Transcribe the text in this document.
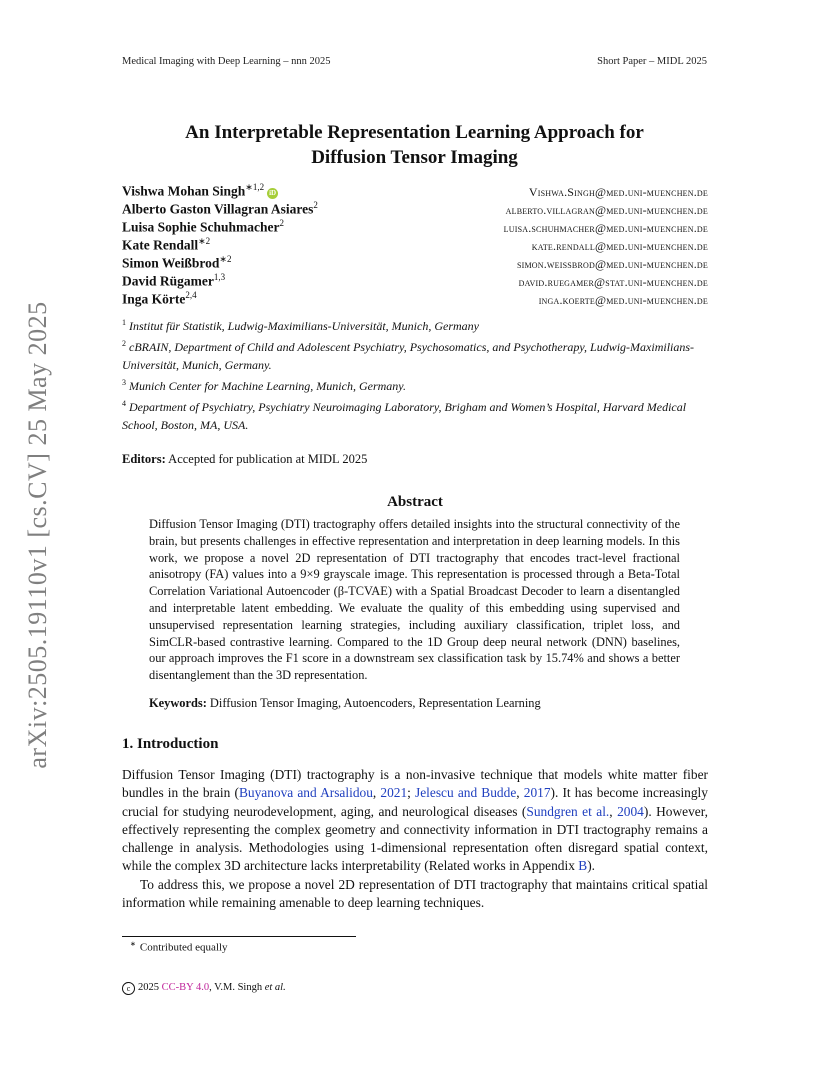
Medical Imaging with Deep Learning – nnn 2025	Short Paper – MIDL 2025
arXiv:2505.19110v1 [cs.CV] 25 May 2025
An Interpretable Representation Learning Approach for
Diffusion Tensor Imaging
Vishwa Mohan Singh$^{∗1,2}$iD	Vishwa.Singh@med.uni-muenchen.de
Alberto Gaston Villagran Asiares$^2$	alberto.villagran@med.uni-muenchen.de
Luisa Sophie Schuhmacher$^2$	luisa.schuhmacher@med.uni-muenchen.de
Kate Rendall$^{∗2}$	kate.rendall@med.uni-muenchen.de
Simon Weißbrod$^{∗2}$	simon.weissbrod@med.uni-muenchen.de
David Rügamer$^{1,3}$	david.ruegamer@stat.uni-muenchen.de
Inga Körte$^{2,4}$	inga.koerte@med.uni-muenchen.de
$^1$ Institut für Statistik, Ludwig-Maximilians-Universität, Munich, Germany
$^2$ cBRAIN, Department of Child and Adolescent Psychiatry, Psychosomatics, and Psychotherapy, Ludwig-Maximilians-Universität, Munich, Germany.
$^3$ Munich Center for Machine Learning, Munich, Germany.
$^4$ Department of Psychiatry, Psychiatry Neuroimaging Laboratory, Brigham and Women’s Hospital, Harvard Medical School, Boston, MA, USA.
Editors: Accepted for publication at MIDL 2025
Abstract
Diffusion Tensor Imaging (DTI) tractography offers detailed insights into the structural connectivity of the brain, but presents challenges in effective representation and interpretation in deep learning models. In this work, we propose a novel 2D representation of DTI tractography that encodes tract-level fractional anisotropy (FA) values into a 9×9 grayscale image. This representation is processed through a Beta-Total Correlation Variational Autoencoder (β-TCVAE) with a Spatial Broadcast Decoder to learn a disentangled and interpretable latent embedding. We evaluate the quality of this embedding using supervised and unsupervised representation learning strategies, including auxiliary classification, triplet loss, and SimCLR-based contrastive learning. Compared to the 1D Group deep neural network (DNN) baselines, our approach improves the F1 score in a downstream sex classification task by 15.74% and shows a better disentanglement than the 3D representation.
Keywords: Diffusion Tensor Imaging, Autoencoders, Representation Learning
1. Introduction

Diffusion Tensor Imaging (DTI) tractography is a non-invasive technique that models white matter fiber bundles in the brain (Buyanova and Arsalidou, 2021; Jelescu and Budde, 2017). It has become increasingly crucial for studying neurodevelopment, aging, and neurological diseases (Sundgren et al., 2004). However, effectively representing the complex geometry and connectivity information in DTI tractography remains a challenge in analysis. Methodologies using 1-dimensional representation often disregard spatial context, while the complex 3D architecture lacks interpretability (Related works in Appendix B).

To address this, we propose a novel 2D representation of DTI tractography that maintains critical spatial information while remaining amenable to deep learning techniques.

∗ Contributed equally
c 2025 CC-BY 4.0, V.M. Singh et al.
